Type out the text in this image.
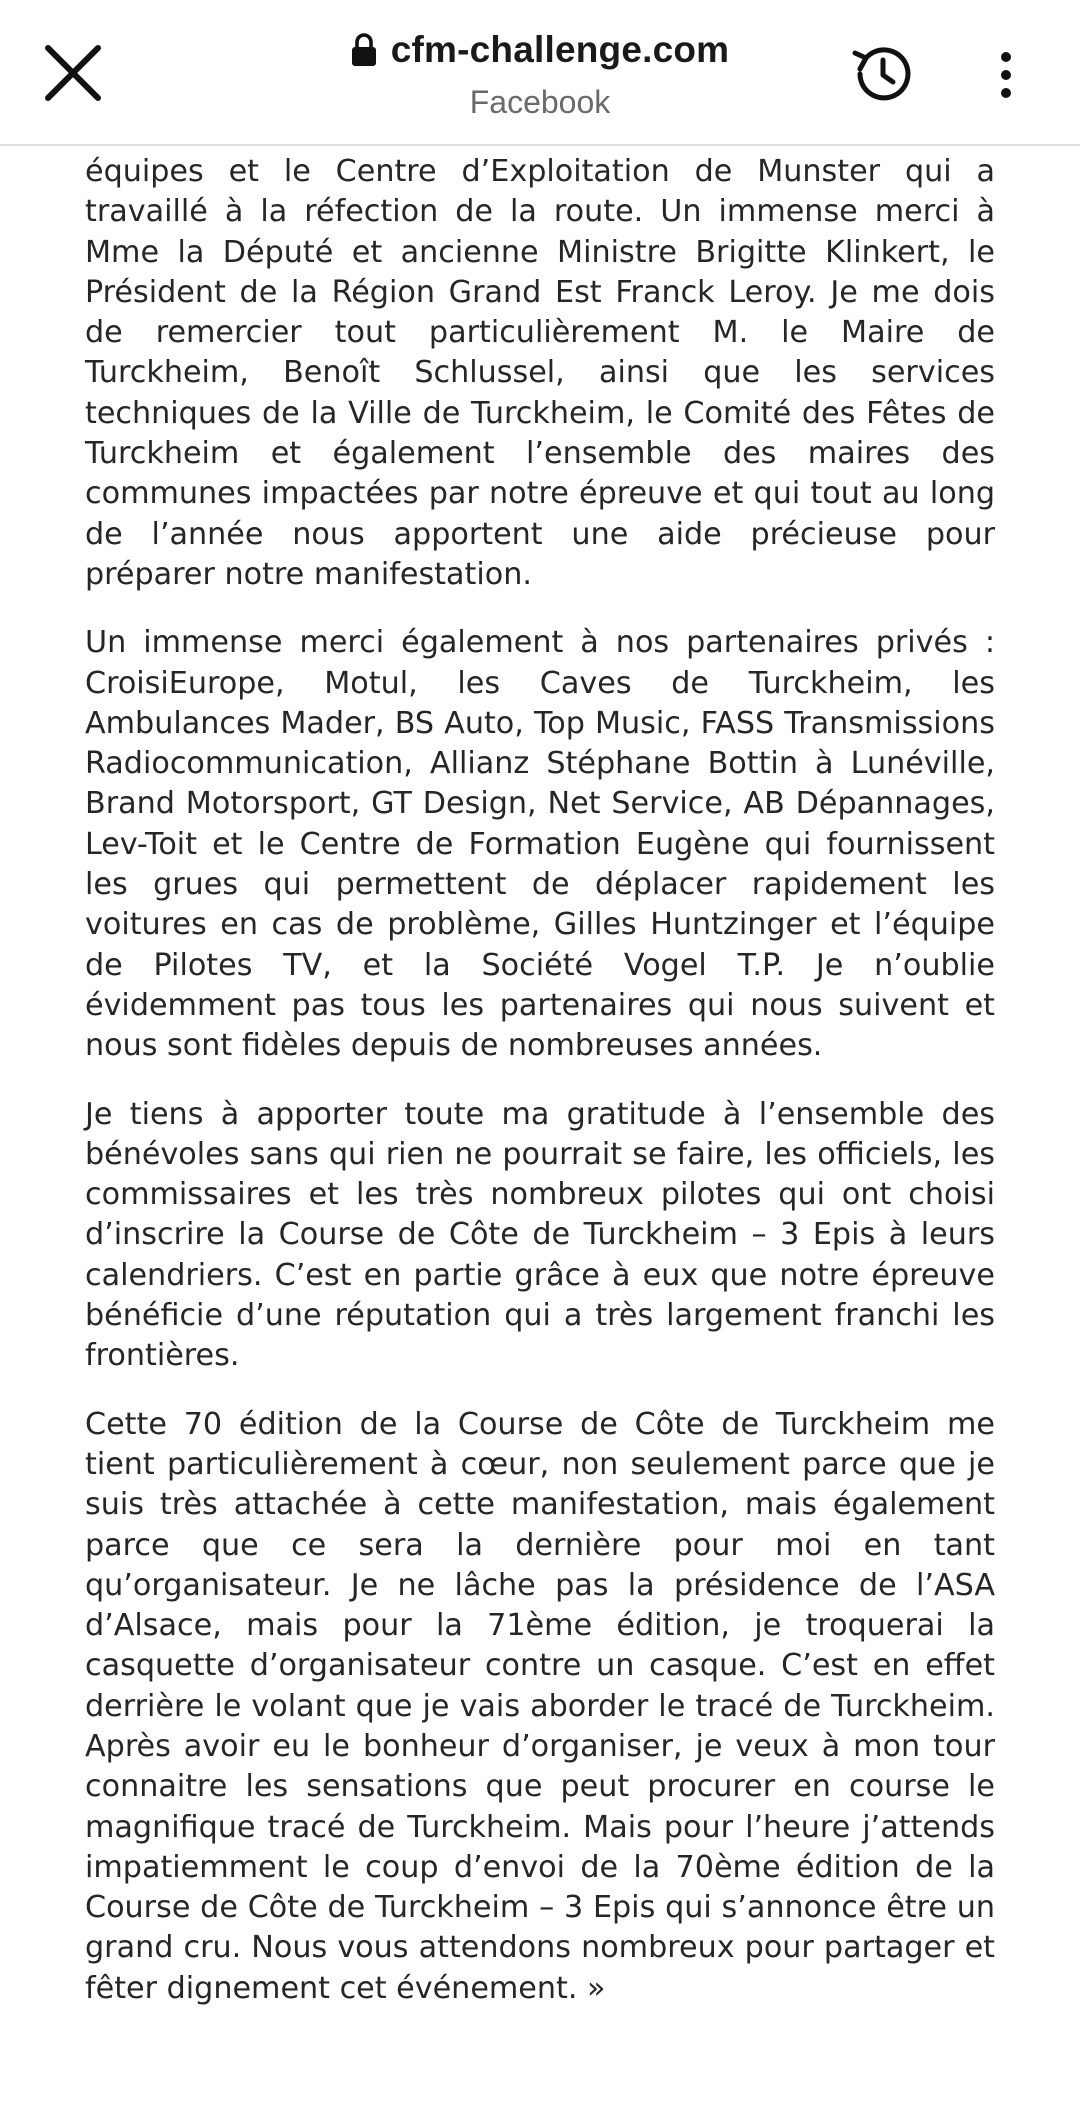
cfm-challenge.com
Facebook

équipes et le Centre d’Exploitation de Munster qui a travaillé à la réfection de la route. Un immense merci à Mme la Député et ancienne Ministre Brigitte Klinkert, le Président de la Région Grand Est Franck Leroy. Je me dois de remercier tout particulièrement M. le Maire de Turckheim, Benoît Schlussel, ainsi que les services techniques de la Ville de Turckheim, le Comité des Fêtes de Turckheim et également l’ensemble des maires des communes impactées par notre épreuve et qui tout au long de l’année nous apportent une aide précieuse pour préparer notre manifestation.

Un immense merci également à nos partenaires privés : CroisiEurope, Motul, les Caves de Turckheim, les Ambulances Mader, BS Auto, Top Music, FASS Transmissions Radiocommunication, Allianz Stéphane Bottin à Lunéville, Brand Motorsport, GT Design, Net Service, AB Dépannages, Lev-Toit et le Centre de Formation Eugène qui fournissent les grues qui permettent de déplacer rapidement les voitures en cas de problème, Gilles Huntzinger et l’équipe de Pilotes TV, et la Société Vogel T.P. Je n’oublie évidemment pas tous les partenaires qui nous suivent et nous sont fidèles depuis de nombreuses années.

Je tiens à apporter toute ma gratitude à l’ensemble des bénévoles sans qui rien ne pourrait se faire, les officiels, les commissaires et les très nombreux pilotes qui ont choisi d’inscrire la Course de Côte de Turckheim – 3 Epis à leurs calendriers. C’est en partie grâce à eux que notre épreuve bénéficie d’une réputation qui a très largement franchi les frontières.

Cette 70 édition de la Course de Côte de Turckheim me tient particulièrement à cœur, non seulement parce que je suis très attachée à cette manifestation, mais également parce que ce sera la dernière pour moi en tant qu’organisateur. Je ne lâche pas la présidence de l’ASA d’Alsace, mais pour la 71ème édition, je troquerai la casquette d’organisateur contre un casque. C’est en effet derrière le volant que je vais aborder le tracé de Turckheim. Après avoir eu le bonheur d’organiser, je veux à mon tour connaitre les sensations que peut procurer en course le magnifique tracé de Turckheim. Mais pour l’heure j’attends impatiemment le coup d’envoi de la 70ème édition de la Course de Côte de Turckheim – 3 Epis qui s’annonce être un grand cru. Nous vous attendons nombreux pour partager et fêter dignement cet événement. »
